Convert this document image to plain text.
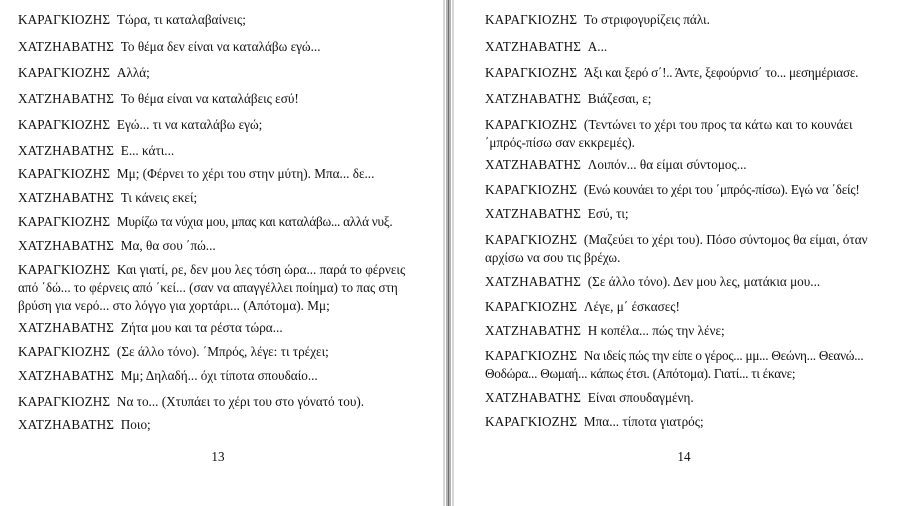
ΚΑΡΑΓΚΙΟΖΗΣ Τώρα, τι καταλαβαίνεις;

ΧΑΤΖΗΑΒΑΤΗΣ Το θέμα δεν είναι να καταλάβω εγώ...

ΚΑΡΑΓΚΙΟΖΗΣ Αλλά;

ΧΑΤΖΗΑΒΑΤΗΣ Το θέμα είναι να καταλάβεις εσύ!

ΚΑΡΑΓΚΙΟΖΗΣ Εγώ... τι να καταλάβω εγώ;

ΧΑΤΖΗΑΒΑΤΗΣ Ε... κάτι...

ΚΑΡΑΓΚΙΟΖΗΣ Μμ; (Φέρνει το χέρι του στην μύτη). Μπα... δε...

ΧΑΤΖΗΑΒΑΤΗΣ Τι κάνεις εκεί;

ΚΑΡΑΓΚΙΟΖΗΣ Μυρίζω τα νύχια μου, μπας και καταλάβω... αλλά νυξ.

ΧΑΤΖΗΑΒΑΤΗΣ Μα, θα σου ΄πώ...

ΚΑΡΑΓΚΙΟΖΗΣ Και γιατί, ρε, δεν μου λες τόση ώρα... παρά το φέρνεις από ΄δώ... το φέρνεις από ΄κεί... (σαν να απαγγέλλει ποίημα) το πας στη βρύση για νερό... στο λόγγο για χορτάρι... (Απότομα). Μμ;

ΧΑΤΖΗΑΒΑΤΗΣ Ζήτα μου και τα ρέστα τώρα...

ΚΑΡΑΓΚΙΟΖΗΣ (Σε άλλο τόνο). ΄Μπρός, λέγε: τι τρέχει;

ΧΑΤΖΗΑΒΑΤΗΣ Μμ; Δηλαδή... όχι τίποτα σπουδαίο...

ΚΑΡΑΓΚΙΟΖΗΣ Να το... (Χτυπάει το χέρι του στο γόνατό του).

ΧΑΤΖΗΑΒΑΤΗΣ Ποιο;

13

ΚΑΡΑΓΚΙΟΖΗΣ Το στριφογυρίζεις πάλι.

ΧΑΤΖΗΑΒΑΤΗΣ Α...

ΚΑΡΑΓΚΙΟΖΗΣ Άξι και ξερό σ΄!.. Άντε, ξεφούρνισ΄ το... μεσημέριασε.

ΧΑΤΖΗΑΒΑΤΗΣ Βιάζεσαι, ε;

ΚΑΡΑΓΚΙΟΖΗΣ (Τεντώνει το χέρι του προς τα κάτω και το κουνάει ΄μπρός-πίσω σαν εκκρεμές).

ΧΑΤΖΗΑΒΑΤΗΣ Λοιπόν... θα είμαι σύντομος...

ΚΑΡΑΓΚΙΟΖΗΣ (Ενώ κουνάει το χέρι του ΄μπρός-πίσω). Εγώ να ΄δείς!

ΧΑΤΖΗΑΒΑΤΗΣ Εσύ, τι;

ΚΑΡΑΓΚΙΟΖΗΣ (Μαζεύει το χέρι του). Πόσο σύντομος θα είμαι, όταν αρχίσω να σου τις βρέχω.

ΧΑΤΖΗΑΒΑΤΗΣ (Σε άλλο τόνο). Δεν μου λες, ματάκια μου...

ΚΑΡΑΓΚΙΟΖΗΣ Λέγε, μ΄ έσκασες!

ΧΑΤΖΗΑΒΑΤΗΣ Η κοπέλα... πώς την λένε;

ΚΑΡΑΓΚΙΟΖΗΣ Να ιδείς πώς την είπε ο γέρος... μμ... Θεώνη... Θεανώ... Θοδώρα... Θωμαή... κάπως έτσι. (Απότομα). Γιατί... τι έκανε;

ΧΑΤΖΗΑΒΑΤΗΣ Είναι σπουδαγμένη.

ΚΑΡΑΓΚΙΟΖΗΣ Μπα... τίποτα γιατρός;

14
